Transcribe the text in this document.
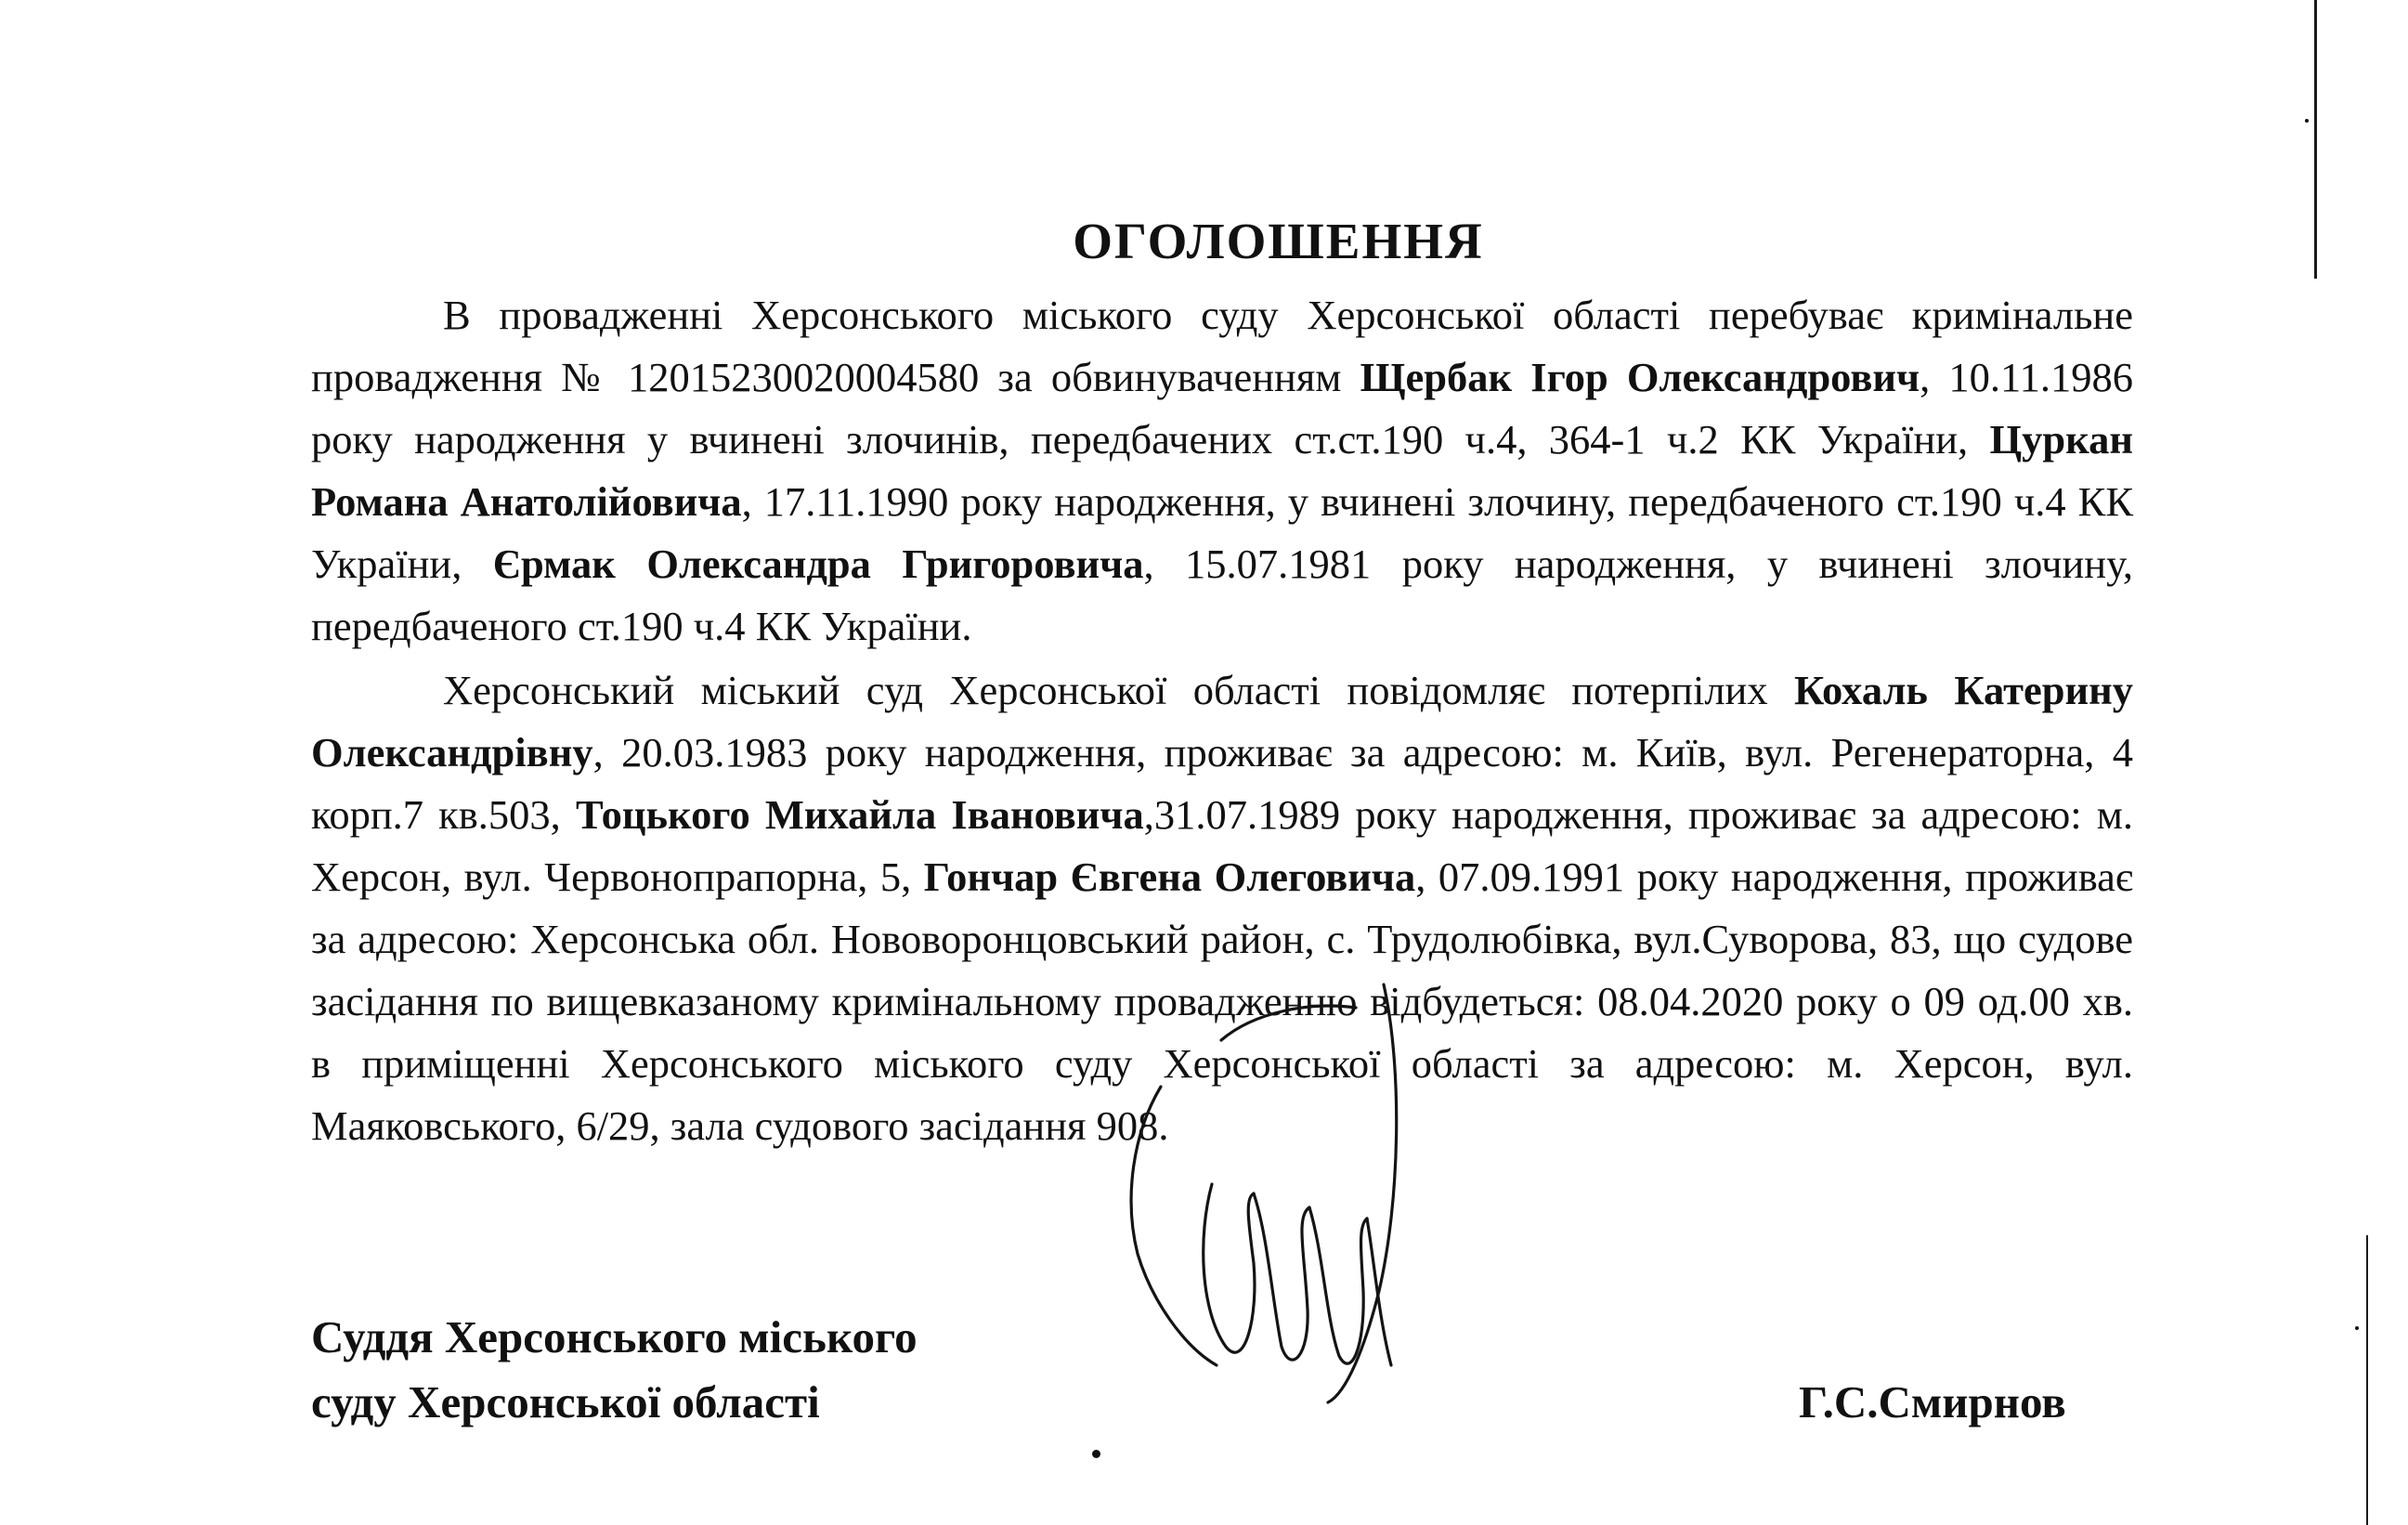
ОГОЛОШЕННЯ

В провадженні Херсонського міського суду Херсонської області перебуває кримінальне провадження № 12015230020004580 за обвинуваченням Щербак Ігор Олександрович, 10.11.1986 року народження у вчинені злочинів, передбачених ст.ст.190 ч.4, 364-1 ч.2 КК України, Цуркан Романа Анатолійовича, 17.11.1990 року народження, у вчинені злочину, передбаченого ст.190 ч.4 КК України, Єрмак Олександра Григоровича, 15.07.1981 року народження, у вчинені злочину, передбаченого ст.190 ч.4 КК України.

Херсонський міський суд Херсонської області повідомляє потерпілих Кохаль Катерину Олександрівну, 20.03.1983 року народження, проживає за адресою: м. Київ, вул. Регенераторна, 4 корп.7 кв.503, Тоцького Михайла Івановича,31.07.1989 року народження, проживає за адресою: м. Херсон, вул. Червонопрапорна, 5, Гончар Євгена Олеговича, 07.09.1991 року народження, проживає за адресою: Херсонська обл. Нововоронцовський район, с. Трудолюбівка, вул.Суворова, 83, що судове засідання по вищевказаному кримінальному провадженню відбудеться: 08.04.2020 року о 09 од.00 хв. в приміщенні Херсонського міського суду Херсонської області за адресою: м. Херсон, вул. Маяковського, 6/29, зала судового засідання 908.

Суддя Херсонського міського
суду Херсонської області	Г.С.Смирнов
